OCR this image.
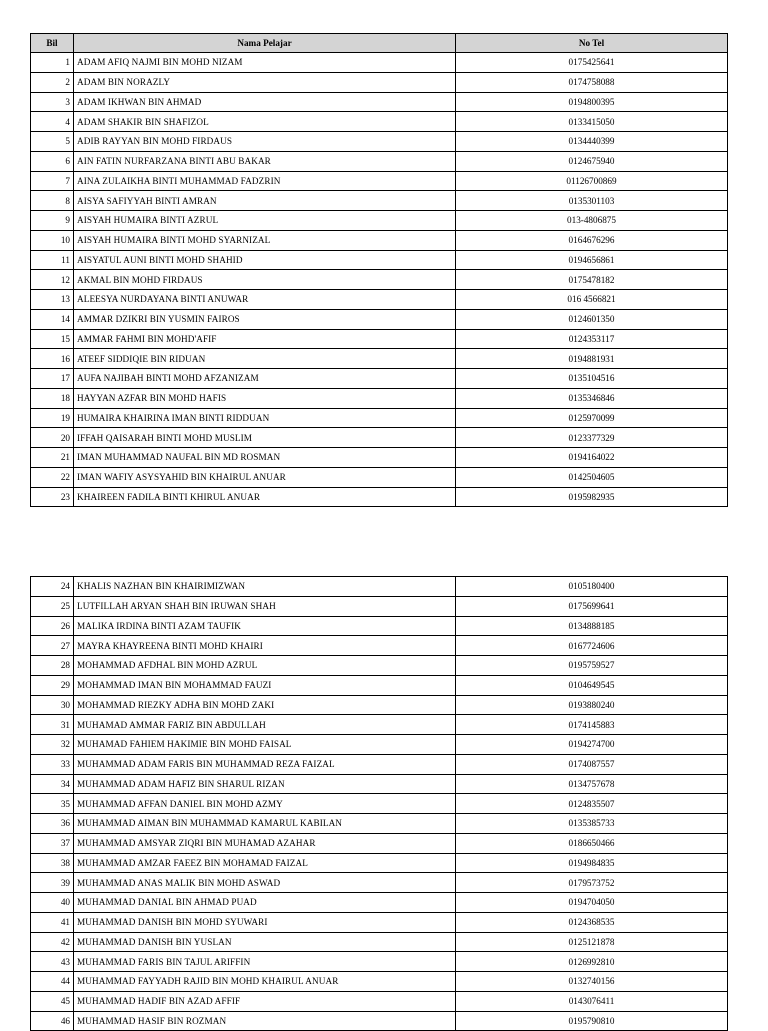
Bil	Nama Pelajar	No Tel
1	ADAM AFIQ NAJMI BIN MOHD NIZAM	0175425641
2	ADAM BIN NORAZLY	0174758088
3	ADAM IKHWAN BIN AHMAD	0194800395
4	ADAM SHAKIR BIN SHAFIZOL	0133415050
5	ADIB RAYYAN BIN MOHD FIRDAUS	0134440399
6	AIN FATIN NURFARZANA BINTI ABU BAKAR	0124675940
7	AINA ZULAIKHA BINTI MUHAMMAD FADZRIN	01126700869
8	AISYA SAFIYYAH BINTI AMRAN	0135301103
9	AISYAH HUMAIRA BINTI AZRUL	013-4806875
10	AISYAH HUMAIRA BINTI MOHD SYARNIZAL	0164676296
11	AISYATUL AUNI BINTI MOHD SHAHID	0194656861
12	AKMAL BIN MOHD FIRDAUS	0175478182
13	ALEESYA NURDAYANA BINTI ANUWAR	016 4566821
14	AMMAR DZIKRI BIN YUSMIN FAIROS	0124601350
15	AMMAR FAHMI BIN MOHD'AFIF	0124353117
16	ATEEF SIDDIQIE BIN RIDUAN	0194881931
17	AUFA NAJIBAH BINTI MOHD AFZANIZAM	0135104516
18	HAYYAN AZFAR BIN MOHD HAFIS	0135346846
19	HUMAIRA KHAIRINA IMAN BINTI RIDDUAN	0125970099
20	IFFAH QAISARAH BINTI MOHD MUSLIM	0123377329
21	IMAN MUHAMMAD NAUFAL BIN MD ROSMAN	0194164022
22	IMAN WAFIY ASYSYAHID BIN KHAIRUL ANUAR	0142504605
23	KHAIREEN FADILA BINTI KHIRUL ANUAR	0195982935
24	KHALIS NAZHAN BIN KHAIRIMIZWAN	0105180400
25	LUTFILLAH ARYAN SHAH BIN IRUWAN SHAH	0175699641
26	MALIKA IRDINA BINTI AZAM TAUFIK	0134888185
27	MAYRA KHAYREENA BINTI MOHD KHAIRI	0167724606
28	MOHAMMAD AFDHAL BIN MOHD AZRUL	0195759527
29	MOHAMMAD IMAN BIN MOHAMMAD FAUZI	0104649545
30	MOHAMMAD RIEZKY ADHA BIN MOHD ZAKI	0193880240
31	MUHAMAD AMMAR FARIZ BIN ABDULLAH	0174145883
32	MUHAMAD FAHIEM HAKIMIE BIN MOHD FAISAL	0194274700
33	MUHAMMAD ADAM FARIS BIN MUHAMMAD REZA FAIZAL	0174087557
34	MUHAMMAD ADAM HAFIZ BIN SHARUL RIZAN	0134757678
35	MUHAMMAD AFFAN DANIEL BIN MOHD AZMY	0124835507
36	MUHAMMAD AIMAN BIN MUHAMMAD KAMARUL KABILAN	0135385733
37	MUHAMMAD AMSYAR ZIQRI BIN MUHAMAD AZAHAR	0186650466
38	MUHAMMAD AMZAR FAEEZ BIN MOHAMAD FAIZAL	0194984835
39	MUHAMMAD ANAS MALIK BIN MOHD ASWAD	0179573752
40	MUHAMMAD DANIAL BIN AHMAD PUAD	0194704050
41	MUHAMMAD DANISH BIN MOHD SYUWARI	0124368535
42	MUHAMMAD DANISH BIN YUSLAN	0125121878
43	MUHAMMAD FARIS BIN TAJUL ARIFFIN	0126992810
44	MUHAMMAD FAYYADH RAJID BIN MOHD KHAIRUL ANUAR	0132740156
45	MUHAMMAD HADIF BIN AZAD AFFIF	0143076411
46	MUHAMMAD HASIF BIN ROZMAN	0195790810
